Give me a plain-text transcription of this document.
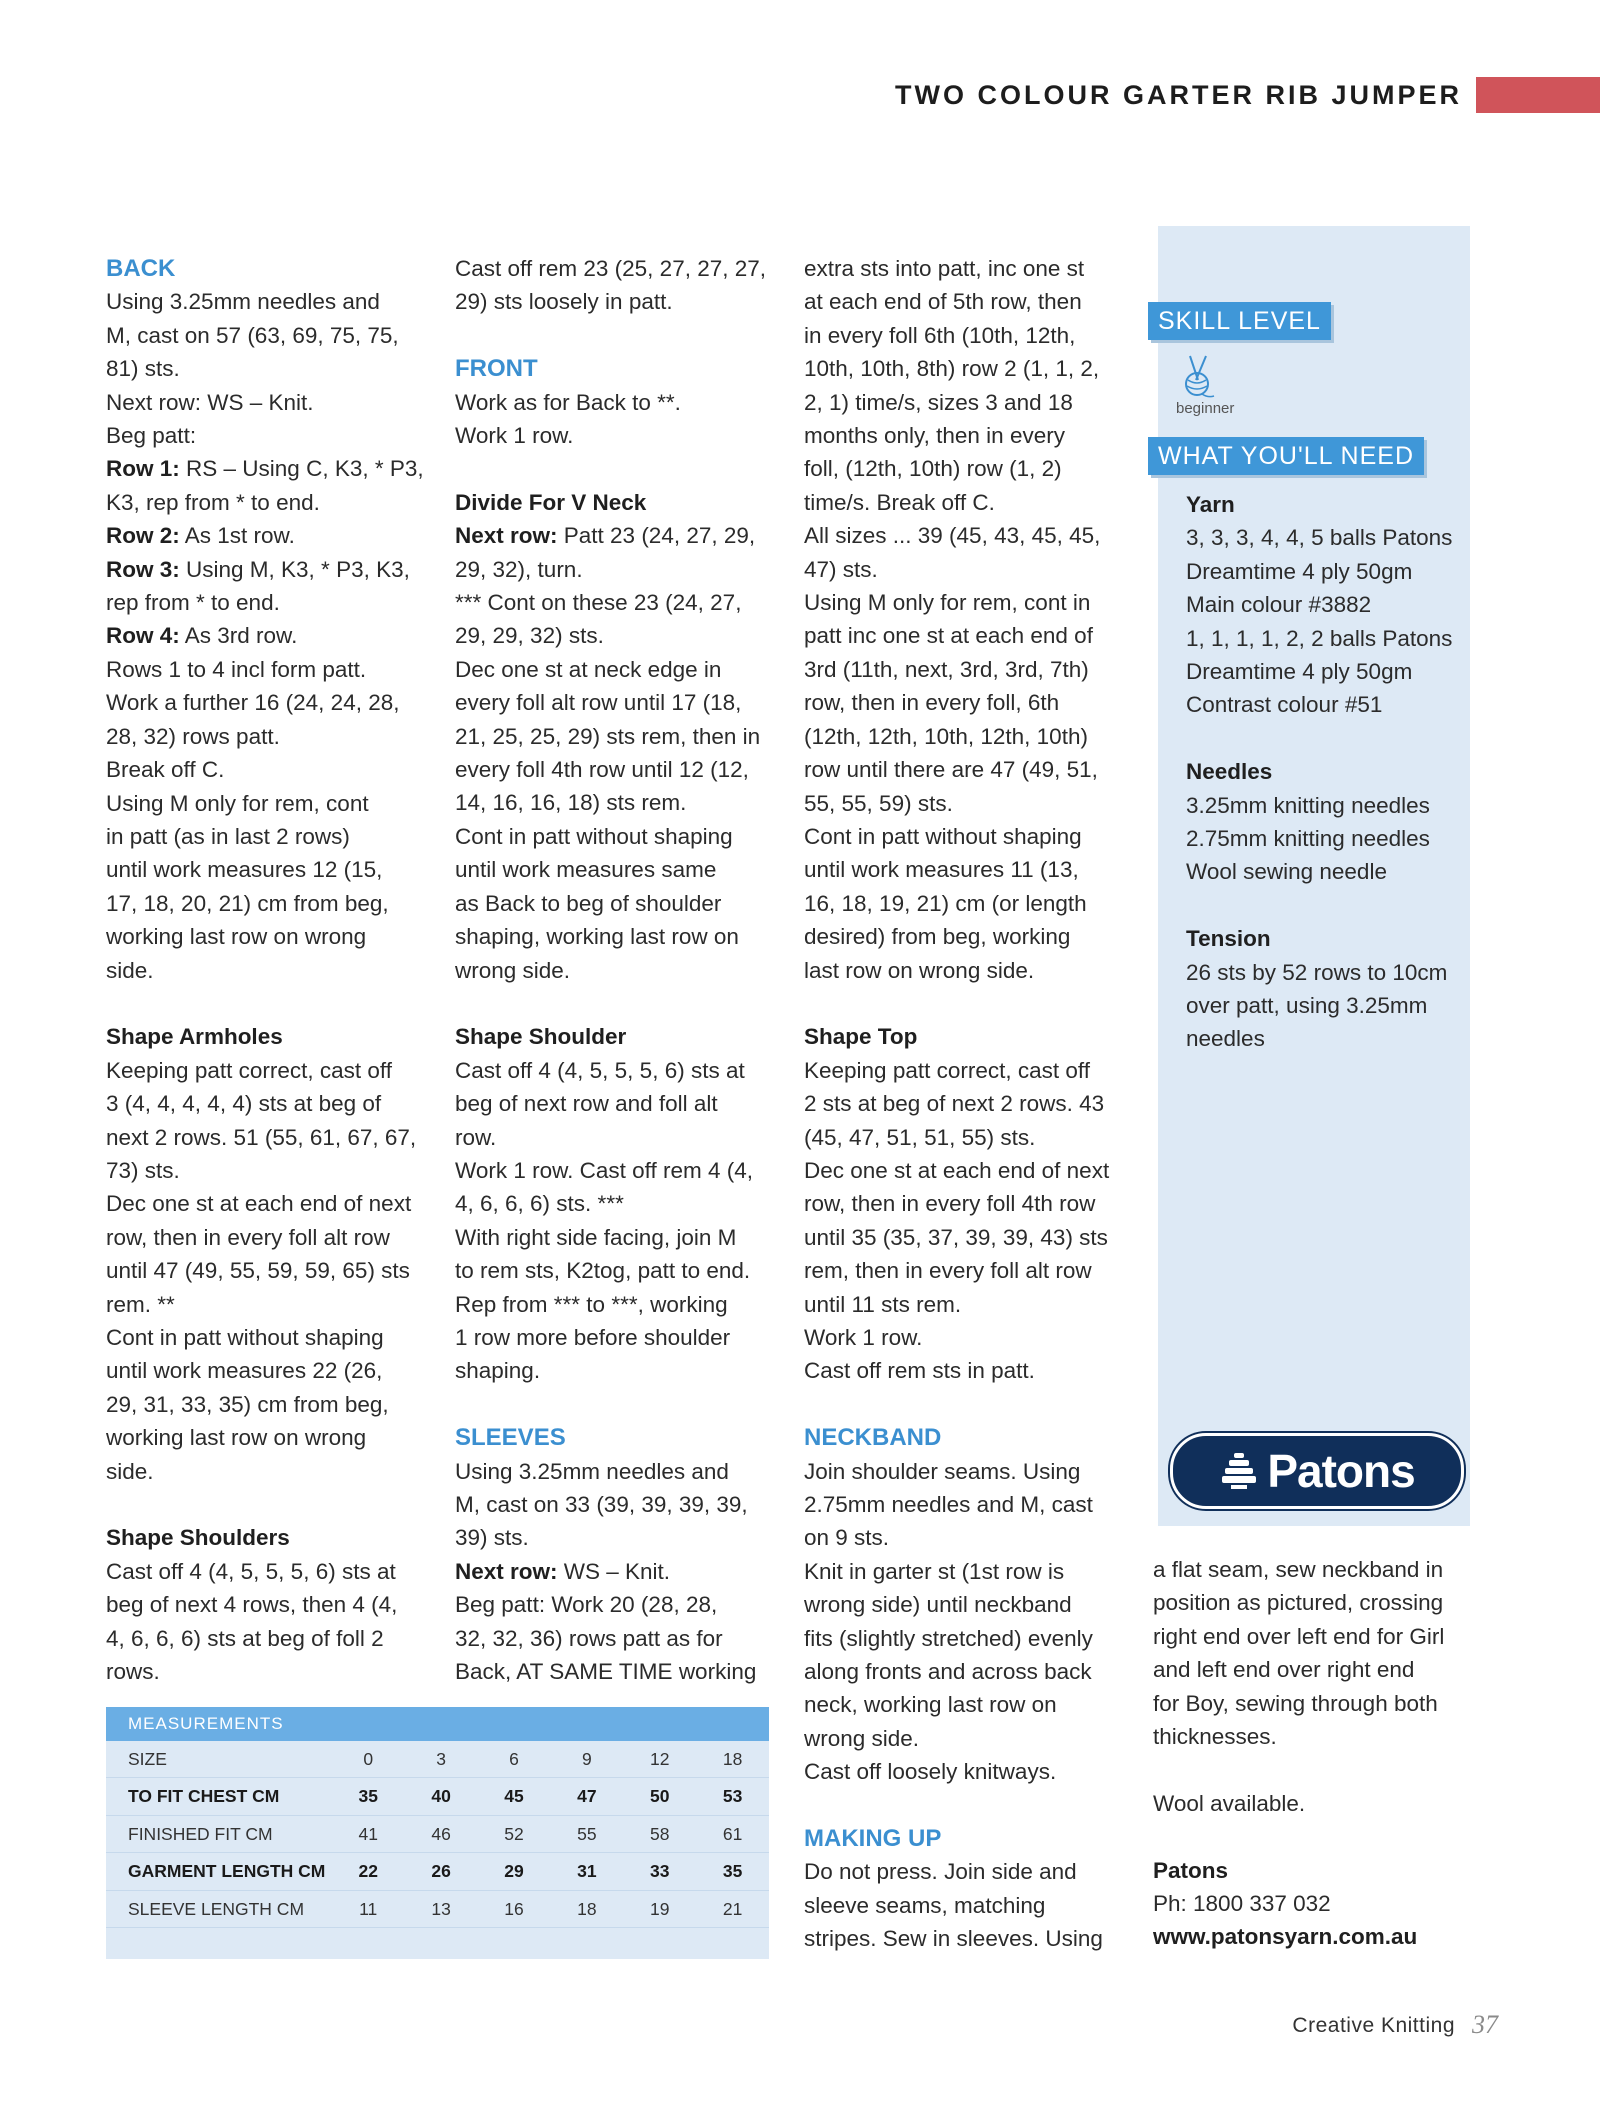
TWO COLOUR GARTER RIB JUMPER

BACK

Using 3.25mm needles and

M, cast on 57 (63, 69, 75, 75,

81) sts.

Next row: WS – Knit.

Beg patt:

Row 1: RS – Using C, K3, * P3,

K3, rep from * to end.

Row 2: As 1st row.

Row 3: Using M, K3, * P3, K3,

rep from * to end.

Row 4: As 3rd row.

Rows 1 to 4 incl form patt.

Work a further 16 (24, 24, 28,

28, 32) rows patt.

Break off C.

Using M only for rem, cont

in patt (as in last 2 rows)

until work measures 12 (15,

17, 18, 20, 21) cm from beg,

working last row on wrong

side.

Shape Armholes

Keeping patt correct, cast off

3 (4, 4, 4, 4, 4) sts at beg of

next 2 rows. 51 (55, 61, 67, 67,

73) sts.

Dec one st at each end of next

row, then in every foll alt row

until 47 (49, 55, 59, 59, 65) sts

rem. **

Cont in patt without shaping

until work measures 22 (26,

29, 31, 33, 35) cm from beg,

working last row on wrong

side.

Shape Shoulders

Cast off 4 (4, 5, 5, 5, 6) sts at

beg of next 4 rows, then 4 (4,

4, 6, 6, 6) sts at beg of foll 2

rows.

Cast off rem 23 (25, 27, 27, 27,

29) sts loosely in patt.

FRONT

Work as for Back to **.

Work 1 row.

Divide For V Neck

Next row: Patt 23 (24, 27, 29,

29, 32), turn.

*** Cont on these 23 (24, 27,

29, 29, 32) sts.

Dec one st at neck edge in

every foll alt row until 17 (18,

21, 25, 25, 29) sts rem, then in

every foll 4th row until 12 (12,

14, 16, 16, 18) sts rem.

Cont in patt without shaping

until work measures same

as Back to beg of shoulder

shaping, working last row on

wrong side.

Shape Shoulder

Cast off 4 (4, 5, 5, 5, 6) sts at

beg of next row and foll alt

row.

Work 1 row. Cast off rem 4 (4,

4, 6, 6, 6) sts. ***

With right side facing, join M

to rem sts, K2tog, patt to end.

Rep from *** to ***, working

1 row more before shoulder

shaping.

SLEEVES

Using 3.25mm needles and

M, cast on 33 (39, 39, 39, 39,

39) sts.

Next row: WS – Knit.

Beg patt: Work 20 (28, 28,

32, 32, 36) rows patt as for

Back, AT SAME TIME working

extra sts into patt, inc one st

at each end of 5th row, then

in every foll 6th (10th, 12th,

10th, 10th, 8th) row 2 (1, 1, 2,

2, 1) time/s, sizes 3 and 18

months only, then in every

foll, (12th, 10th) row (1, 2)

time/s. Break off C.

All sizes ... 39 (45, 43, 45, 45,

47) sts.

Using M only for rem, cont in

patt inc one st at each end of

3rd (11th, next, 3rd, 3rd, 7th)

row, then in every foll, 6th

(12th, 12th, 10th, 12th, 10th)

row until there are 47 (49, 51,

55, 55, 59) sts.

Cont in patt without shaping

until work measures 11 (13,

16, 18, 19, 21) cm (or length

desired) from beg, working

last row on wrong side.

Shape Top

Keeping patt correct, cast off

2 sts at beg of next 2 rows. 43

(45, 47, 51, 51, 55) sts.

Dec one st at each end of next

row, then in every foll 4th row

until 35 (35, 37, 39, 39, 43) sts

rem, then in every foll alt row

until 11 sts rem.

Work 1 row.

Cast off rem sts in patt.

NECKBAND

Join shoulder seams. Using

2.75mm needles and M, cast

on 9 sts.

Knit in garter st (1st row is

wrong side) until neckband

fits (slightly stretched) evenly

along fronts and across back

neck, working last row on

wrong side.

Cast off loosely knitways.

MAKING UP

Do not press. Join side and

sleeve seams, matching

stripes. Sew in sleeves. Using

SKILL LEVEL
beginner
WHAT YOU'LL NEED

Yarn

3, 3, 3, 4, 4, 5 balls Patons

Dreamtime 4 ply 50gm

Main colour #3882

1, 1, 1, 1, 2, 2 balls Patons

Dreamtime 4 ply 50gm

Contrast colour #51

Needles

3.25mm knitting needles

2.75mm knitting needles

Wool sewing needle

Tension

26 sts by 52 rows to 10cm

over patt, using 3.25mm

needles

Patons

a flat seam, sew neckband in

position as pictured, crossing

right end over left end for Girl

and left end over right end

for Boy, sewing through both

thicknesses.

Wool available.

Patons

Ph: 1800 337 032

www.patonsyarn.com.au

MEASUREMENTS
SIZE	0	3	6	9	12	18
TO FIT CHEST CM	35	40	45	47	50	53
FINISHED FIT CM	41	46	52	55	58	61
GARMENT LENGTH CM	22	26	29	31	33	35
SLEEVE LENGTH CM	11	13	16	18	19	21
Creative Knitting 37
